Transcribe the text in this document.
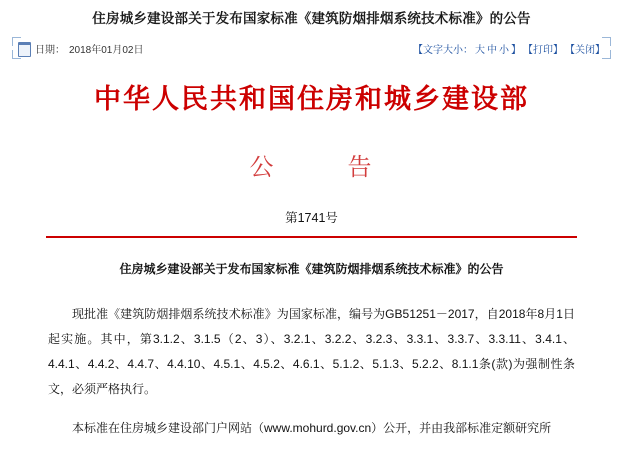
住房城乡建设部关于发布国家标准《建筑防烟排烟系统技术标准》的公告
日期： 2018年01月02日	【文字大小： 大 中 小 】 【打印】 【关闭】
中华人民共和国住房和城乡建设部
公	告
第1741号
住房城乡建设部关于发布国家标准《建筑防烟排烟系统技术标准》的公告
现批准《建筑防烟排烟系统技术标准》为国家标准，编号为GB51251－2017，自2018年8月1日起实施。其中，第3.1.2、3.1.5（2、3）、3.2.1、3.2.2、3.2.3、3.3.1、3.3.7、3.3.11、3.4.1、4.4.1、4.4.2、4.4.7、4.4.10、4.5.1、4.5.2、4.6.1、5.1.2、5.1.3、5.2.2、8.1.1条(款)为强制性条文，必须严格执行。
本标准在住房城乡建设部门户网站（www.mohurd.gov.cn）公开，并由我部标准定额研究所
